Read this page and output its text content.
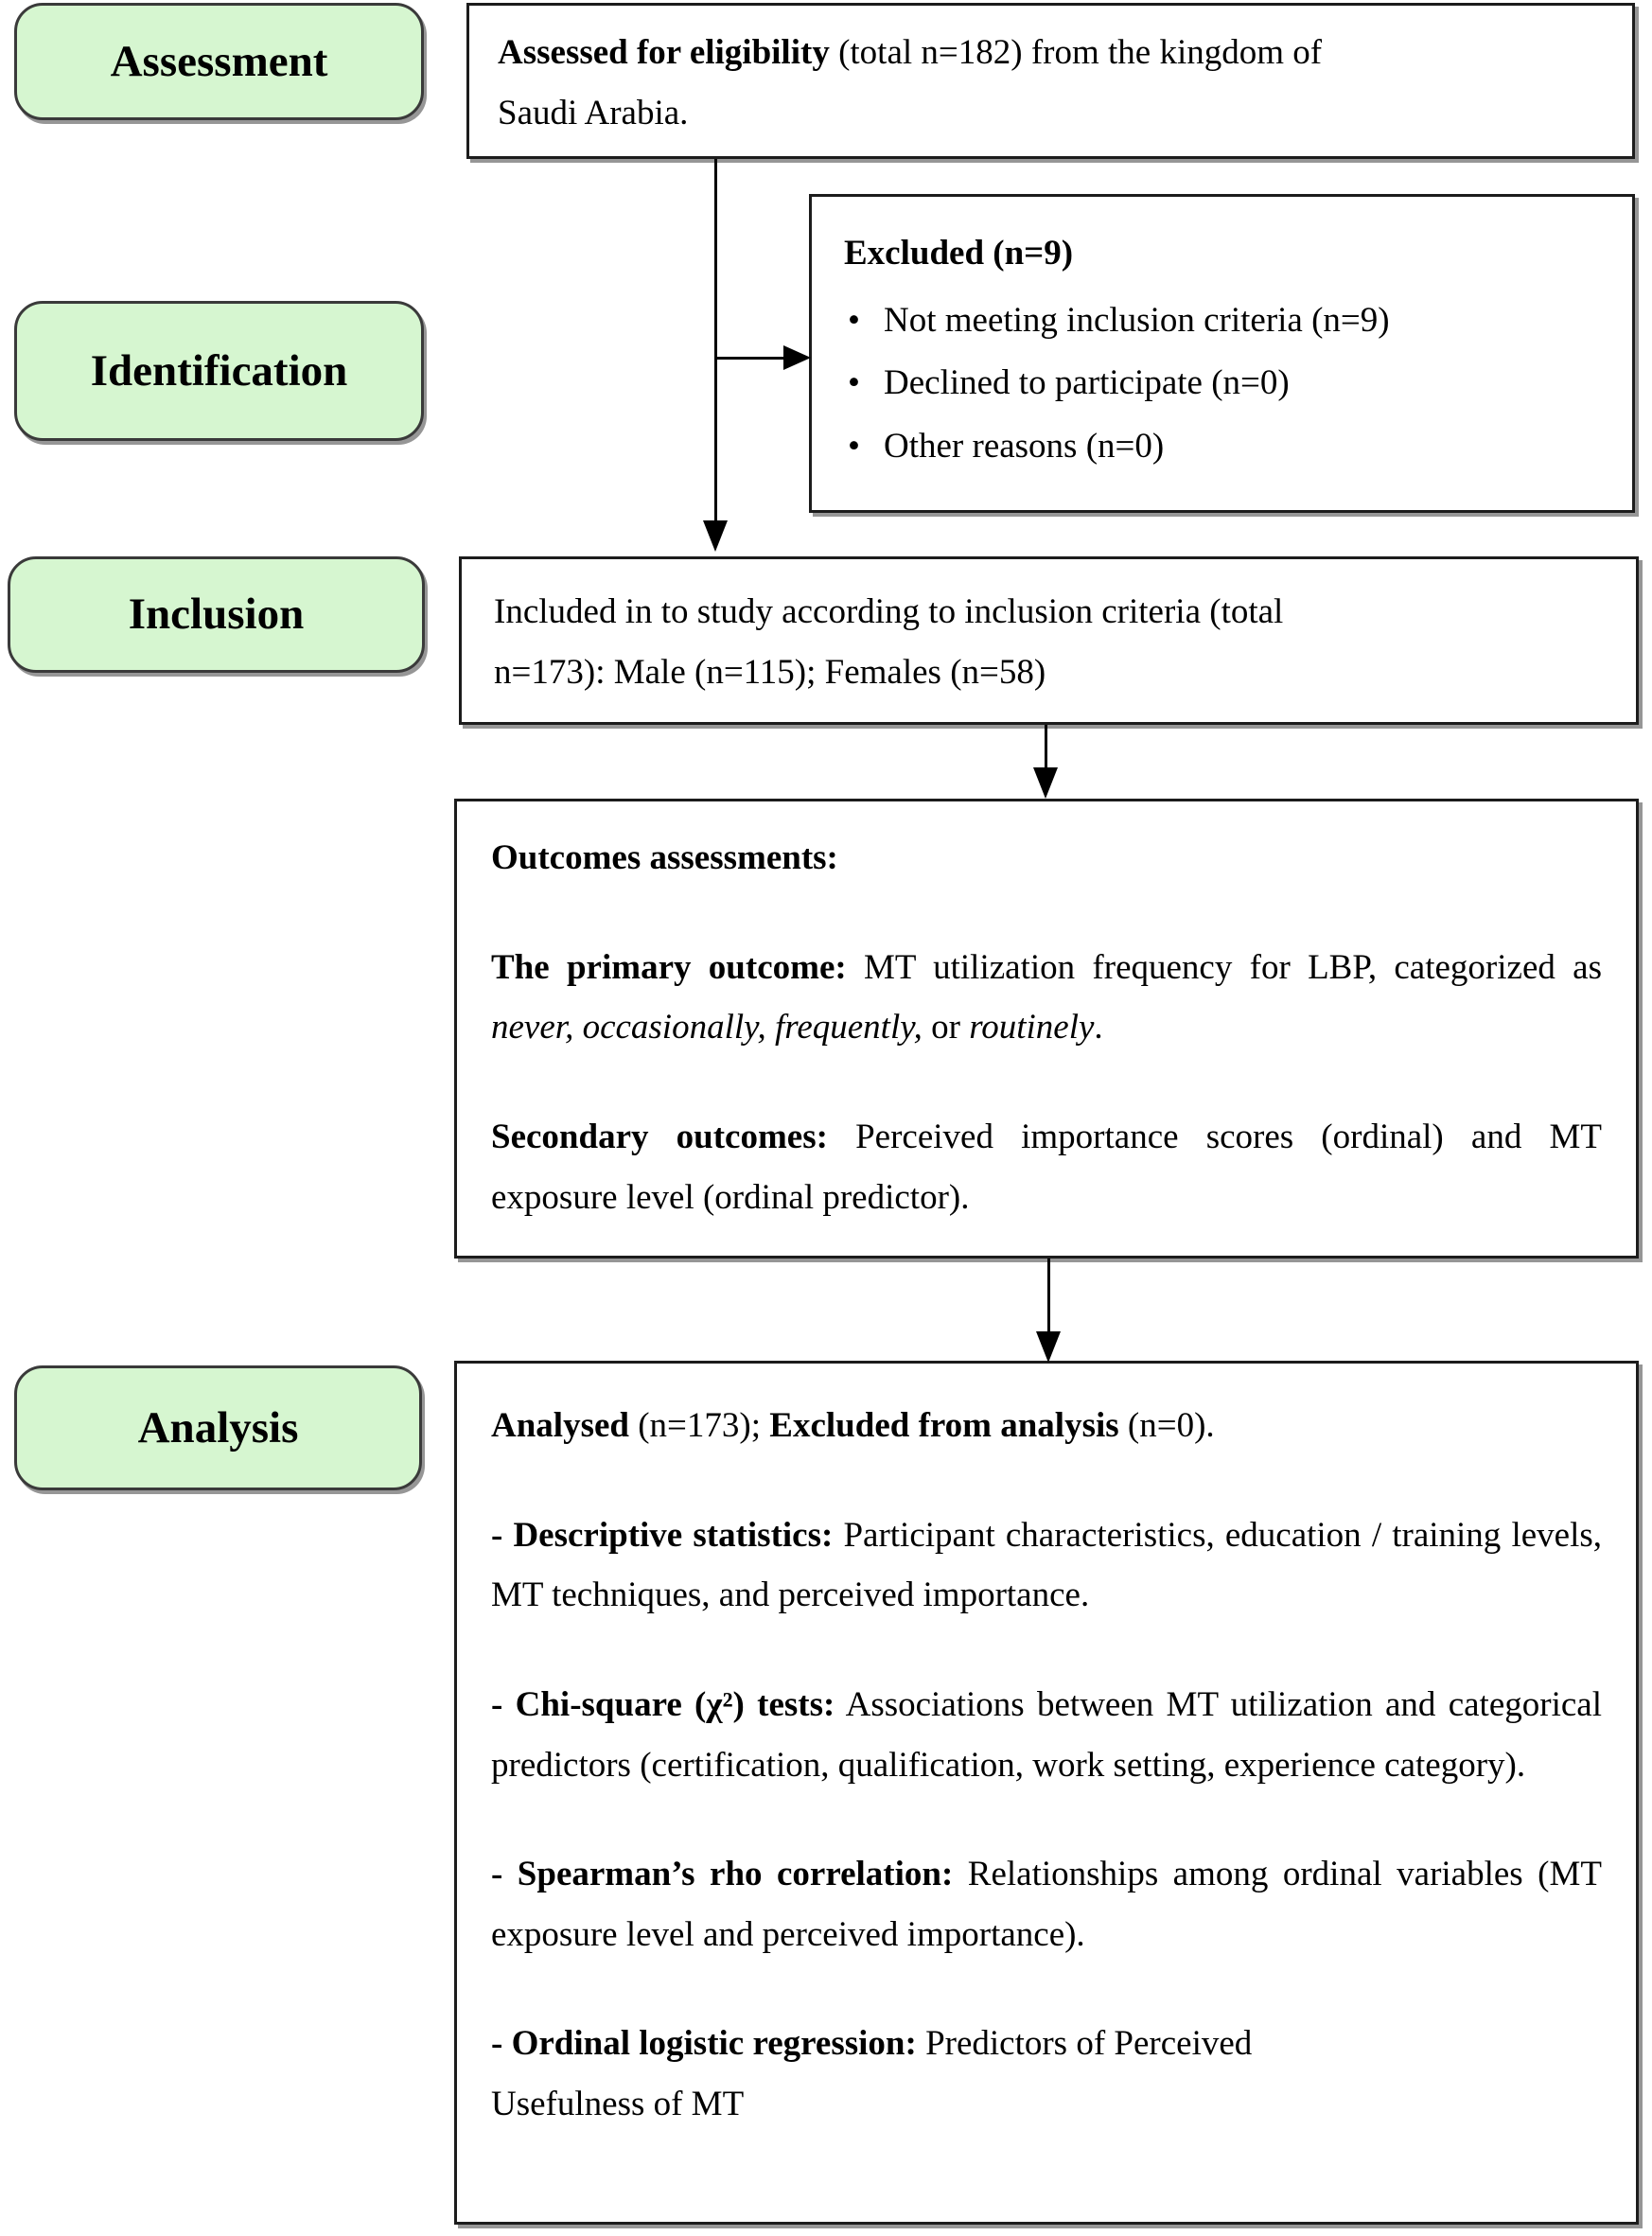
Assessment
Identification
Inclusion
Analysis

Assessed for eligibility (total n=182) from the kingdom of
Saudi Arabia.

Excluded (n=9)

• Not meeting inclusion criteria (n=9)
• Declined to participate (n=0)
• Other reasons (n=0)

Included in to study according to inclusion criteria (total
n=173): Male (n=115); Females (n=58)

Outcomes assessments:

The primary outcome: MT utilization frequency for LBP, categorized as never, occasionally, frequently, or routinely.

Secondary outcomes: Perceived importance scores (ordinal) and MT exposure level (ordinal predictor).

Analysed (n=173); Excluded from analysis (n=0).

- Descriptive statistics: Participant characteristics, education / training levels, MT techniques, and perceived importance.

- Chi-square (χ²) tests: Associations between MT utilization and categorical predictors (certification, qualification, work setting, experience category).

- Spearman’s rho correlation: Relationships among ordinal variables (MT exposure level and perceived importance).

- Ordinal logistic regression: Predictors of Perceived
Usefulness of MT
